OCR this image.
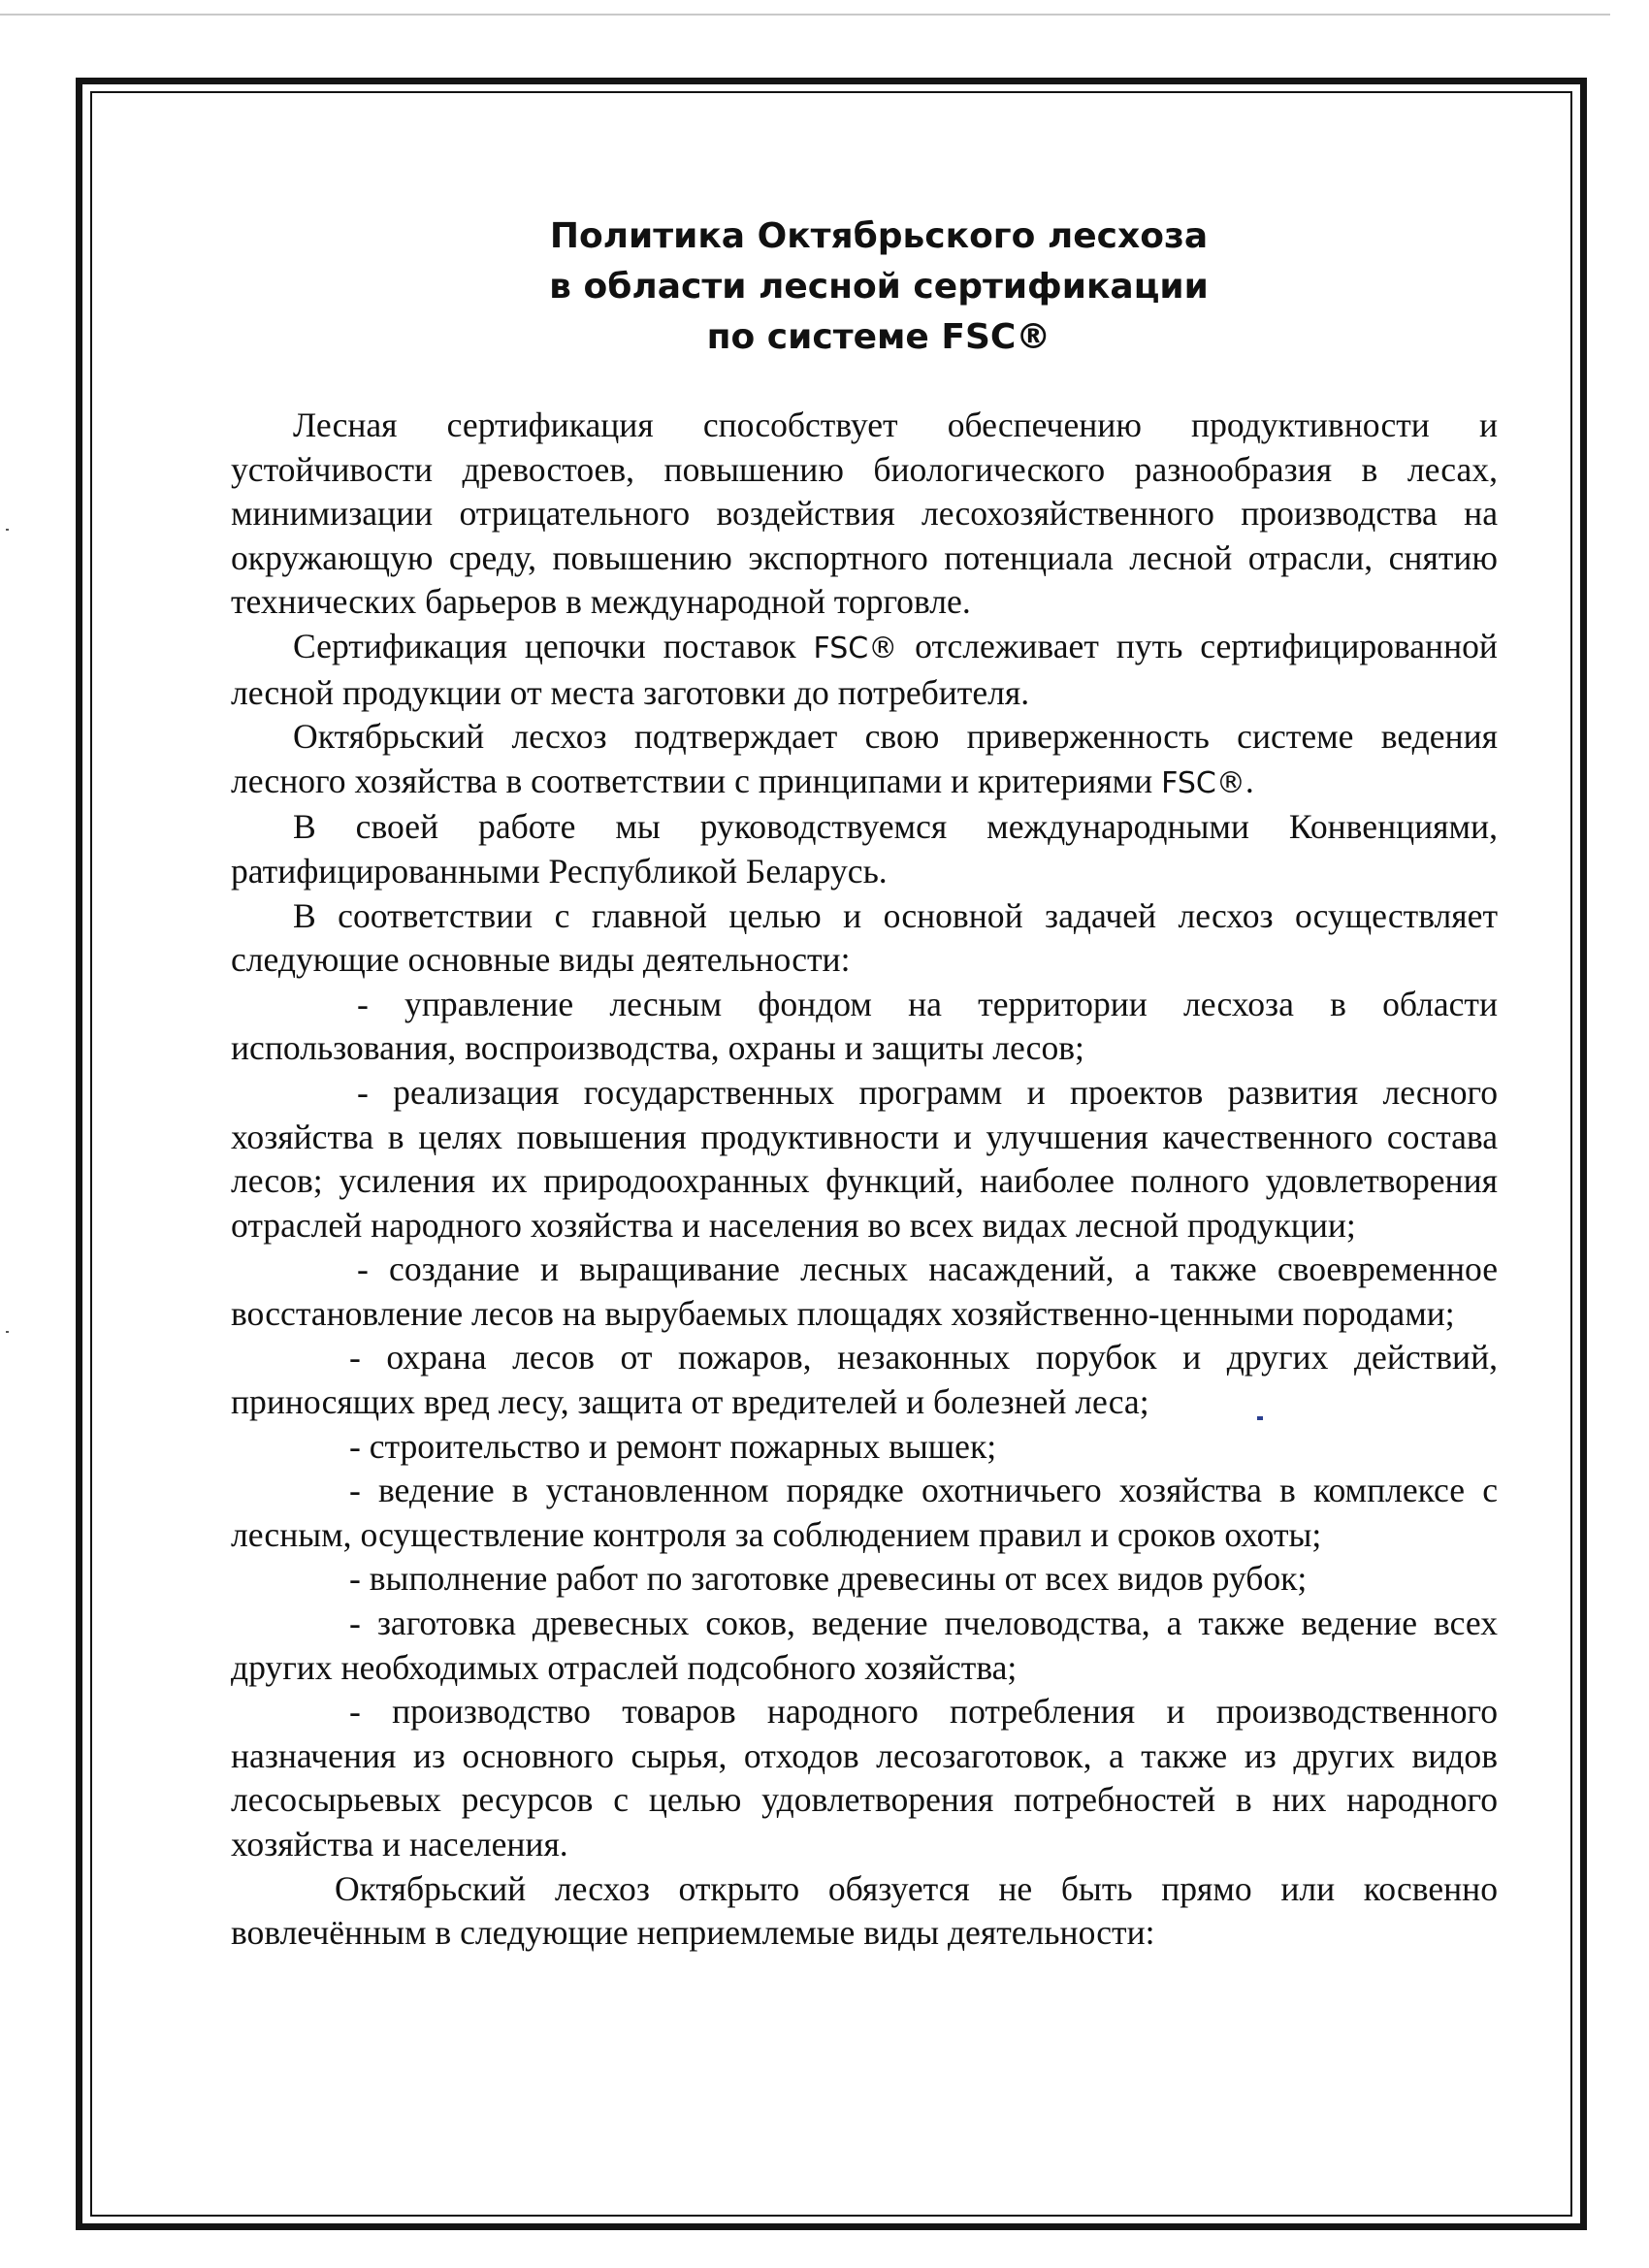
Политика Октябрьского лесхоза
в области лесной сертификации
по системе FSC®

Лесная сертификация способствует обеспечению продуктивности и устойчивости древостоев, повышению биологического разнообразия в лесах, минимизации отрицательного воздействия лесохозяйственного производства на окружающую среду, повышению экспортного потенциала лесной отрасли, снятию технических барьеров в международной торговле.

Сертификация цепочки поставок FSC® отслеживает путь сертифицированной лесной продукции от места заготовки до потребителя.

Октябрьский лесхоз подтверждает свою приверженность системе ведения лесного хозяйства в соответствии с принципами и критериями FSC®.

В своей работе мы руководствуемся международными Конвенциями, ратифицированными Республикой Беларусь.

В соответствии с главной целью и основной задачей лесхоз осуществляет следующие основные виды деятельности:

- управление лесным фондом на территории лесхоза в области использования, воспроизводства, охраны и защиты лесов;

- реализация государственных программ и проектов развития лесного хозяйства в целях повышения продуктивности и улучшения качественного состава лесов; усиления их природоохранных функций, наиболее полного удовлетворения отраслей народного хозяйства и населения во всех видах лесной продукции;

- создание и выращивание лесных насаждений, а также своевременное восстановление лесов на вырубаемых площадях хозяйственно-ценными породами;

- охрана лесов от пожаров, незаконных порубок и других действий, приносящих вред лесу, защита от вредителей и болезней леса;

- строительство и ремонт пожарных вышек;

- ведение в установленном порядке охотничьего хозяйства в комплексе с лесным, осуществление контроля за соблюдением правил и сроков охоты;

- выполнение работ по заготовке древесины от всех видов рубок;

- заготовка древесных соков, ведение пчеловодства, а также ведение всех других необходимых отраслей подсобного хозяйства;

- производство товаров народного потребления и производственного назначения из основного сырья, отходов лесозаготовок, а также из других видов лесосырьевых ресурсов с целью удовлетворения потребностей в них народного хозяйства и населения.

Октябрьский лесхоз открыто обязуется не быть прямо или косвенно вовлечённым в следующие неприемлемые виды деятельности:
